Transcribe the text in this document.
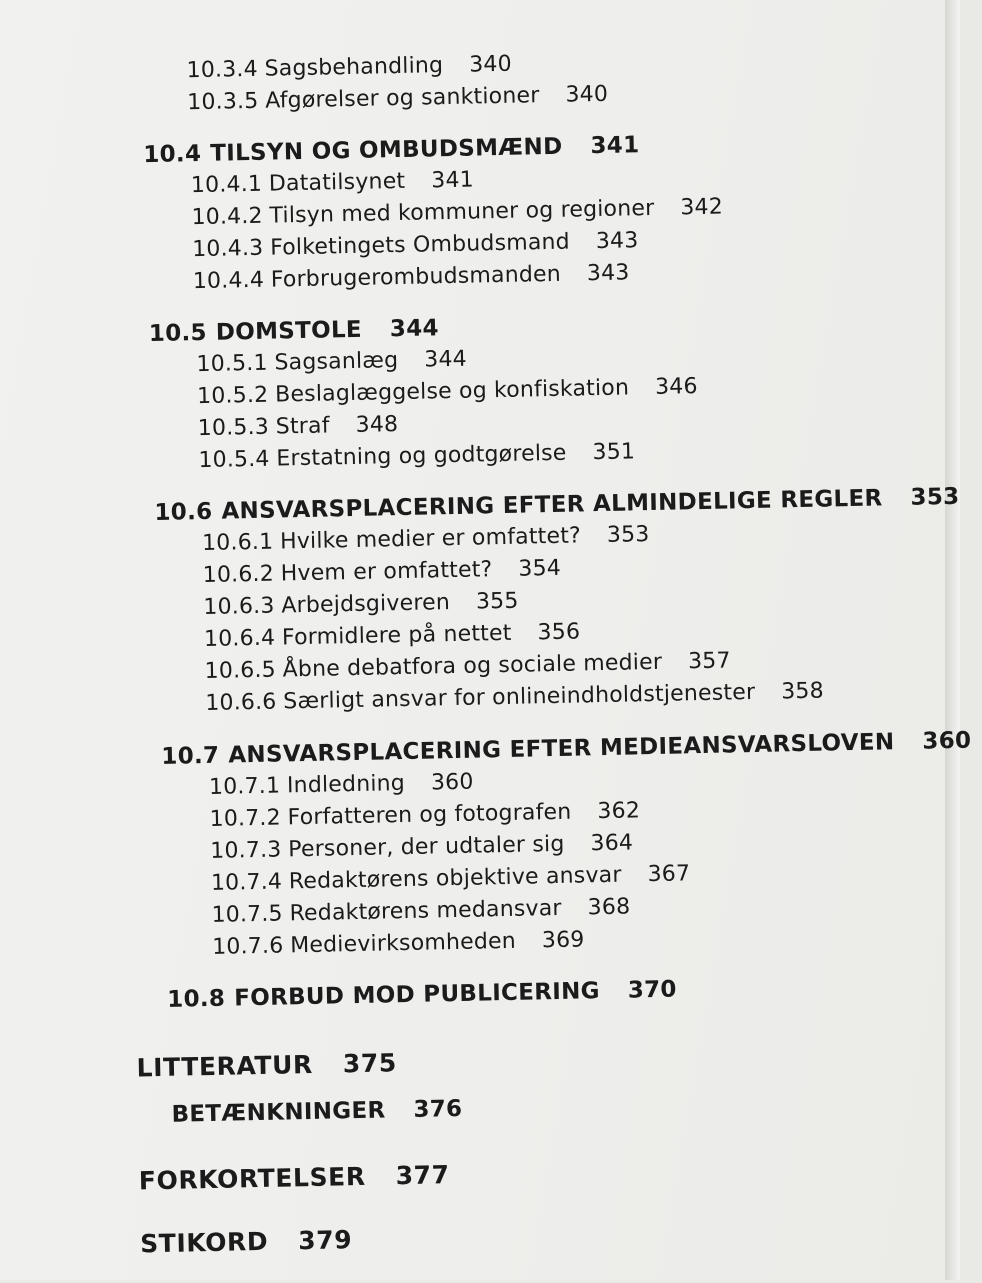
10.3.4 Sagsbehandling 340
10.3.5 Afgørelser og sanktioner 340
10.4 TILSYN OG OMBUDSMÆND 341
10.4.1 Datatilsynet 341
10.4.2 Tilsyn med kommuner og regioner 342
10.4.3 Folketingets Ombudsmand 343
10.4.4 Forbrugerombudsmanden 343
10.5 DOMSTOLE 344
10.5.1 Sagsanlæg 344
10.5.2 Beslaglæggelse og konfiskation 346
10.5.3 Straf 348
10.5.4 Erstatning og godtgørelse 351
10.6 ANSVARSPLACERING EFTER ALMINDELIGE REGLER 353
10.6.1 Hvilke medier er omfattet? 353
10.6.2 Hvem er omfattet? 354
10.6.3 Arbejdsgiveren 355
10.6.4 Formidlere på nettet 356
10.6.5 Åbne debatfora og sociale medier 357
10.6.6 Særligt ansvar for onlineindholdstjenester 358
10.7 ANSVARSPLACERING EFTER MEDIEANSVARSLOVEN 360
10.7.1 Indledning 360
10.7.2 Forfatteren og fotografen 362
10.7.3 Personer, der udtaler sig 364
10.7.4 Redaktørens objektive ansvar 367
10.7.5 Redaktørens medansvar 368
10.7.6 Medievirksomheden 369
10.8 FORBUD MOD PUBLICERING 370
LITTERATUR 375
BETÆNKNINGER 376
FORKORTELSER 377
STIKORD 379
